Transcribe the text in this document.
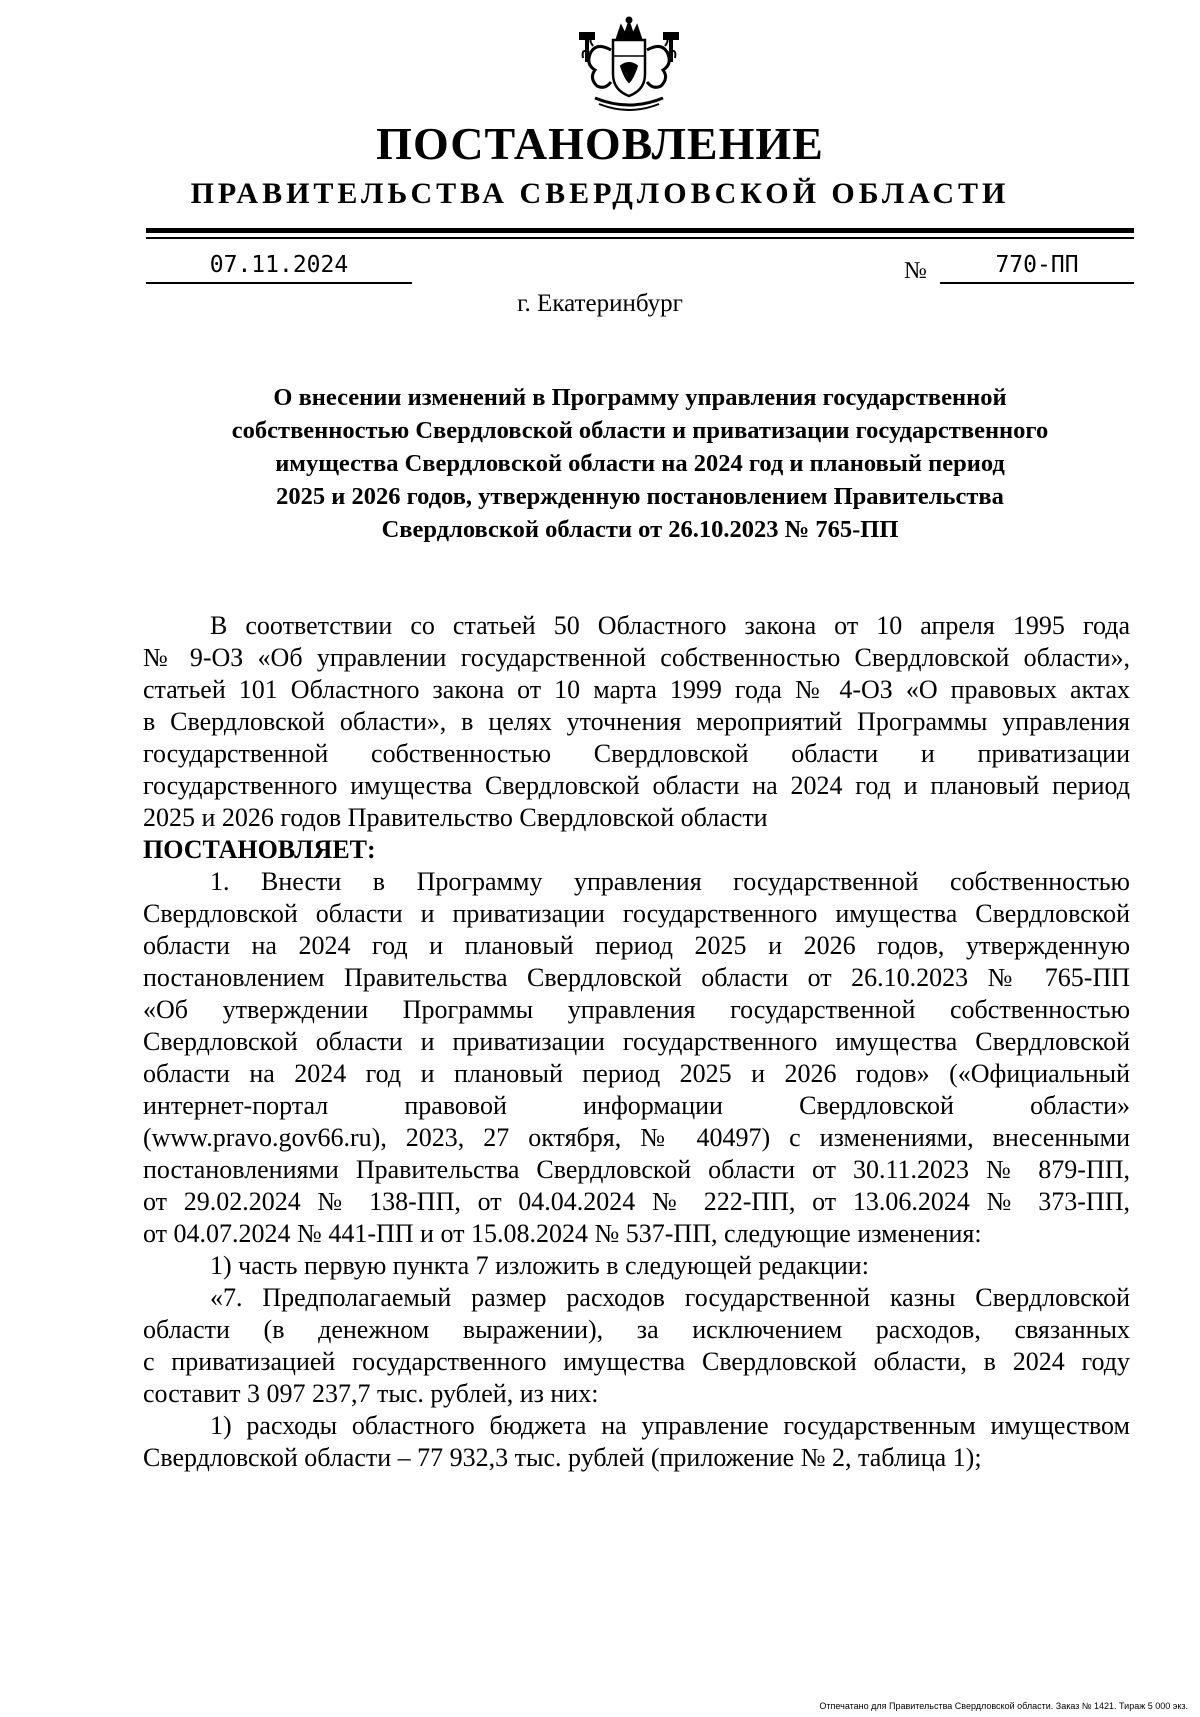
ПОСТАНОВЛЕНИЕ
ПРАВИТЕЛЬСТВА СВЕРДЛОВСКОЙ ОБЛАСТИ
07.11.2024	№	770-ПП
г. Екатеринбург
О внесении изменений в Программу управления государственной
собственностью Свердловской области и приватизации государственного
имущества Свердловской области на 2024 год и плановый период
2025 и 2026 годов, утвержденную постановлением Правительства
Свердловской области от 26.10.2023 № 765-ПП
В соответствии со статьей 50 Областного закона от 10 апреля 1995 года
№ 9-ОЗ «Об управлении государственной собственностью Свердловской области»,
статьей 101 Областного закона от 10 марта 1999 года № 4-ОЗ «О правовых актах
в Свердловской области», в целях уточнения мероприятий Программы управления
государственной собственностью Свердловской области и приватизации
государственного имущества Свердловской области на 2024 год и плановый период
2025 и 2026 годов Правительство Свердловской области
ПОСТАНОВЛЯЕТ:
1. Внести в Программу управления государственной собственностью
Свердловской области и приватизации государственного имущества Свердловской
области на 2024 год и плановый период 2025 и 2026 годов, утвержденную
постановлением Правительства Свердловской области от 26.10.2023 № 765-ПП
«Об утверждении Программы управления государственной собственностью
Свердловской области и приватизации государственного имущества Свердловской
области на 2024 год и плановый период 2025 и 2026 годов» («Официальный
интернет-портал правовой информации Свердловской области»
(www.pravo.gov66.ru), 2023, 27 октября, № 40497) с изменениями, внесенными
постановлениями Правительства Свердловской области от 30.11.2023 № 879-ПП,
от 29.02.2024 № 138-ПП, от 04.04.2024 № 222-ПП, от 13.06.2024 № 373-ПП,
от 04.07.2024 № 441-ПП и от 15.08.2024 № 537-ПП, следующие изменения:
1) часть первую пункта 7 изложить в следующей редакции:
«7. Предполагаемый размер расходов государственной казны Свердловской
области (в денежном выражении), за исключением расходов, связанных
с приватизацией государственного имущества Свердловской области, в 2024 году
составит 3 097 237,7 тыс. рублей, из них:
1) расходы областного бюджета на управление государственным имуществом
Свердловской области – 77 932,3 тыс. рублей (приложение № 2, таблица 1);
Отпечатано для Правительства Свердловской области. Заказ № 1421. Тираж 5 000 экз.
